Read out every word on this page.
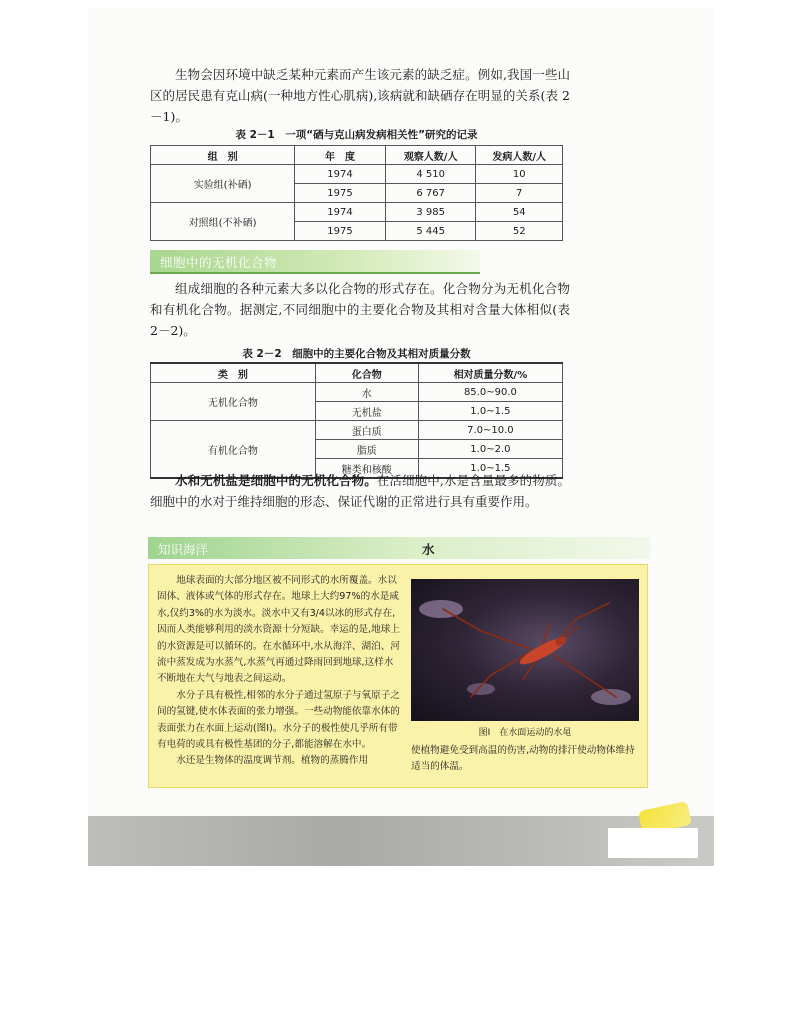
生物会因环境中缺乏某种元素而产生该元素的缺乏症。例如,我国一些山区的居民患有克山病(一种地方性心肌病),该病就和缺硒存在明显的关系(表 2－1)。

表 2－1　一项“硒与克山病发病相关性”研究的记录
组　别	年　度	观察人数/人	发病人数/人
实验组(补硒)	1974	4 510	10
	1975	6 767	7
对照组(不补硒)	1974	3 985	54
	1975	5 445	52
细胞中的无机化合物

组成细胞的各种元素大多以化合物的形式存在。化合物分为无机化合物和有机化合物。据测定,不同细胞中的主要化合物及其相对含量大体相似(表 2－2)。

表 2－2　细胞中的主要化合物及其相对质量分数
类　别	化合物	相对质量分数/%
无机化合物	水	85.0~90.0
	无机盐	1.0~1.5
有机化合物	蛋白质	7.0~10.0
	脂质	1.0~2.0
	糖类和核酸	1.0~1.5

水和无机盐是细胞中的无机化合物。在活细胞中,水是含量最多的物质。细胞中的水对于维持细胞的形态、保证代谢的正常进行具有重要作用。

知识海洋	水

地球表面的大部分地区被不同形式的水所覆盖。水以固体、液体或气体的形式存在。地球上大约97%的水是咸水,仅约3%的水为淡水。淡水中又有3/4以冰的形式存在,因而人类能够利用的淡水资源十分短缺。幸运的是,地球上的水资源是可以循环的。在水循环中,水从海洋、湖泊、河流中蒸发成为水蒸气,水蒸气再通过降雨回到地球,这样水不断地在大气与地表之间运动。

水分子具有极性,相邻的水分子通过氢原子与氧原子之间的氢键,使水体表面的张力增强。一些动物能依靠水体的表面张力在水面上运动(图Ⅰ)。水分子的极性使几乎所有带有电荷的或具有极性基团的分子,都能溶解在水中。

水还是生物体的温度调节剂。植物的蒸腾作用

图Ⅰ　在水面运动的水黾

使植物避免受到高温的伤害,动物的排汗使动物体维持适当的体温。
